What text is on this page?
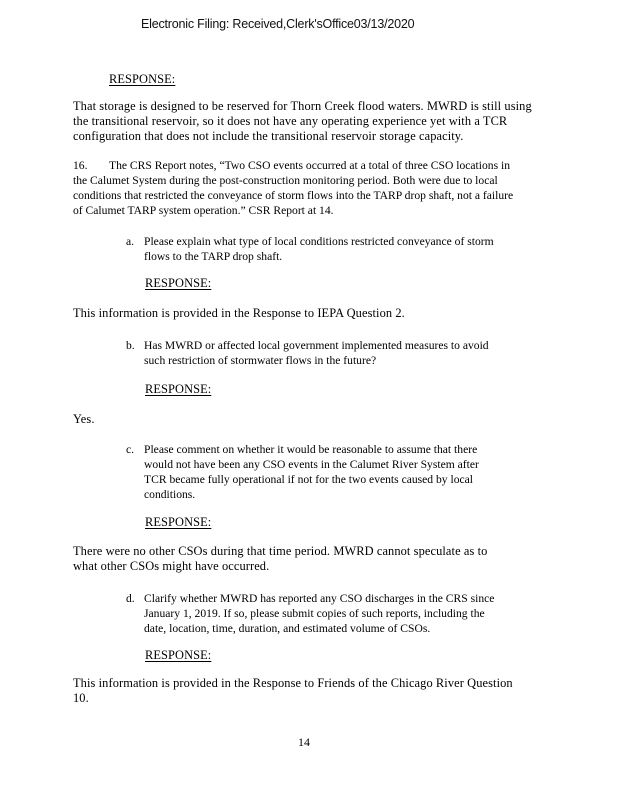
Electronic Filing: Received,Clerk'sOffice03/13/2020
RESPONSE:
That storage is designed to be reserved for Thorn Creek flood waters. MWRD is still using
the transitional reservoir, so it does not have any operating experience yet with a TCR
configuration that does not include the transitional reservoir storage capacity.
16.	The CRS Report notes, “Two CSO events occurred at a total of three CSO locations in
the Calumet System during the post-construction monitoring period. Both were due to local
conditions that restricted the conveyance of storm flows into the TARP drop shaft, not a failure
of Calumet TARP system operation.” CSR Report at 14.
a. Please explain what type of local conditions restricted conveyance of storm
flows to the TARP drop shaft.
RESPONSE:
This information is provided in the Response to IEPA Question 2.
b. Has MWRD or affected local government implemented measures to avoid
such restriction of stormwater flows in the future?
RESPONSE:
Yes.
c. Please comment on whether it would be reasonable to assume that there
would not have been any CSO events in the Calumet River System after
TCR became fully operational if not for the two events caused by local
conditions.
RESPONSE:
There were no other CSOs during that time period. MWRD cannot speculate as to
what other CSOs might have occurred.
d. Clarify whether MWRD has reported any CSO discharges in the CRS since
January 1, 2019. If so, please submit copies of such reports, including the
date, location, time, duration, and estimated volume of CSOs.
RESPONSE:
This information is provided in the Response to Friends of the Chicago River Question
10.
14
